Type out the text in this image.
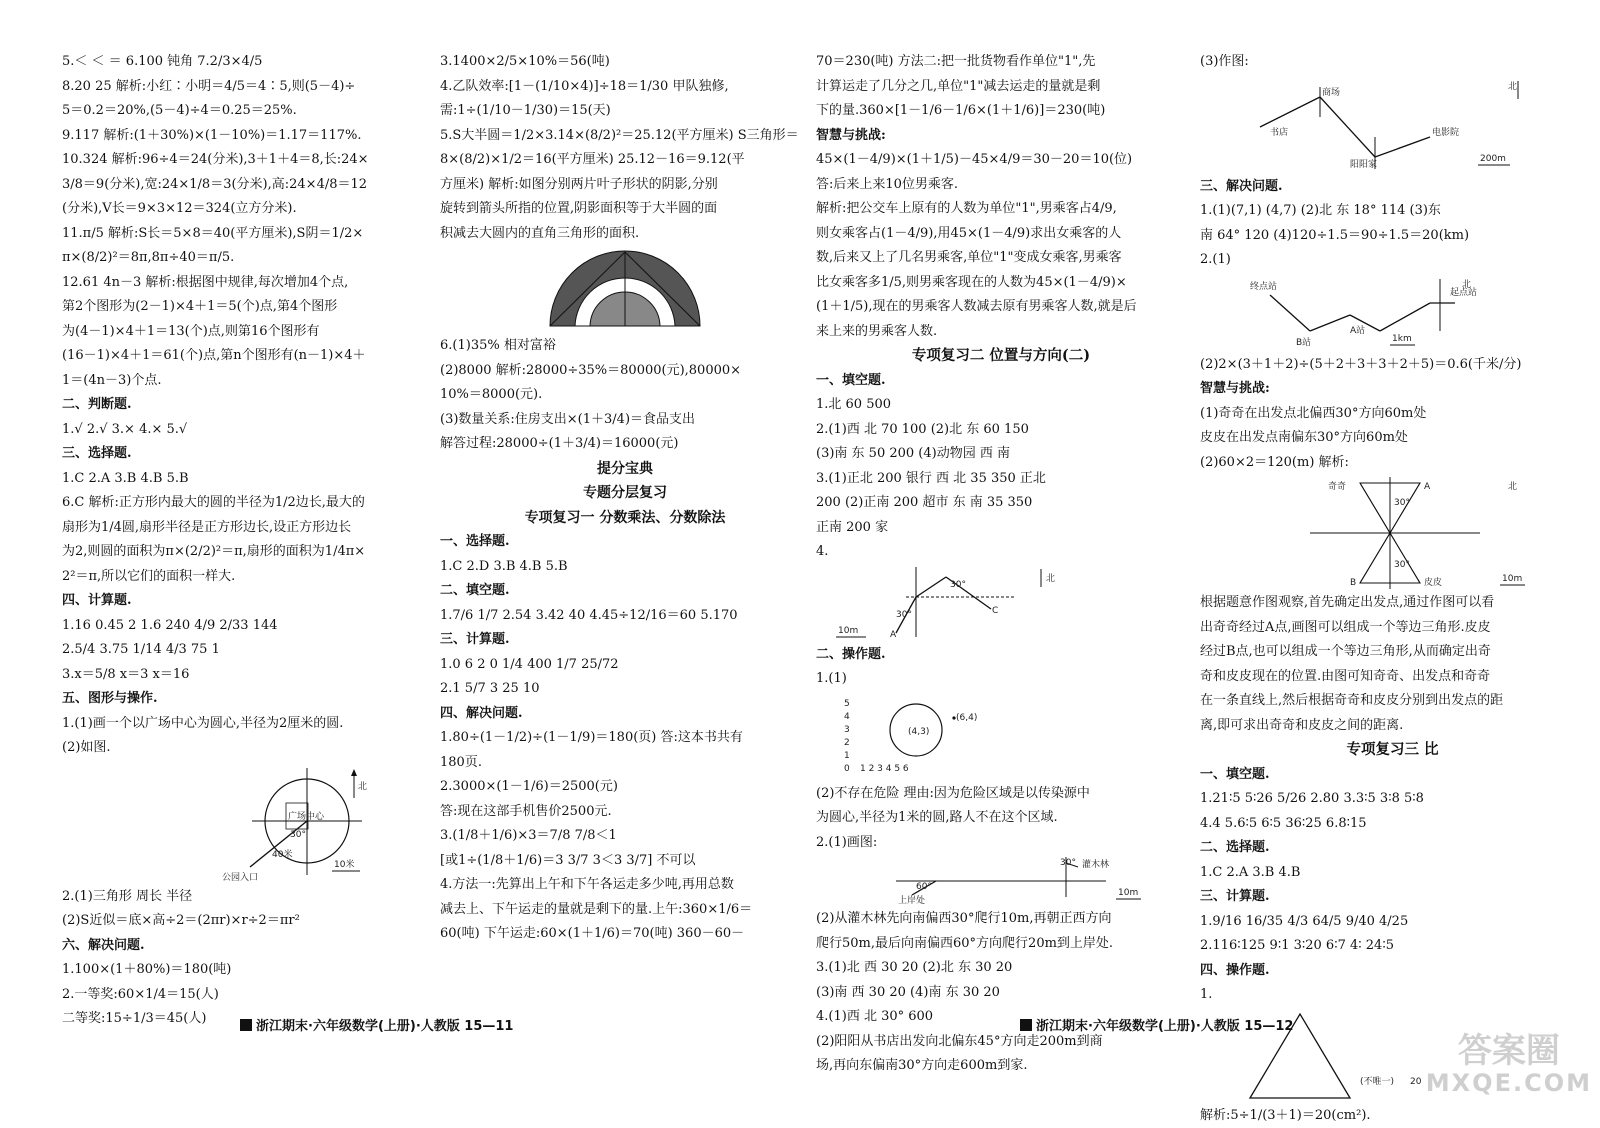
5.＜ ＜ ＝ 6.100 钝角 7.2/3×4/5
8.20 25 解析:小红∶小明＝4/5＝4∶5,则(5－4)÷
5＝0.2＝20%,(5－4)÷4＝0.25＝25%.
9.117 解析:(1＋30%)×(1－10%)＝1.17＝117%.
10.324 解析:96÷4＝24(分米),3＋1＋4＝8,长:24×
3/8＝9(分米),宽:24×1/8＝3(分米),高:24×4/8＝12
(分米),V长＝9×3×12＝324(立方分米).
11.π/5 解析:S长＝5×8＝40(平方厘米),S阴＝1/2×
π×(8/2)²＝8π,8π÷40＝π/5.
12.61 4n－3 解析:根据图中规律,每次增加4个点,
第2个图形为(2－1)×4＋1＝5(个)点,第4个图形
为(4－1)×4＋1＝13(个)点,则第16个图形有
(16－1)×4＋1＝61(个)点,第n个图形有(n－1)×4＋
1＝(4n－3)个点.
二、判断题.
1.√ 2.√ 3.× 4.× 5.√
三、选择题.
1.C 2.A 3.B 4.B 5.B
6.C 解析:正方形内最大的圆的半径为1/2边长,最大的
扇形为1/4圆,扇形半径是正方形边长,设正方形边长
为2,则圆的面积为π×(2/2)²＝π,扇形的面积为1/4π×
2²＝π,所以它们的面积一样大.
四、计算题.
1.16 0.45 2 1.6 240 4/9 2/33 144
2.5/4 3.75 1/14 4/3 75 1
3.x＝5/8 x＝3 x＝16
五、图形与操作.
1.(1)画一个以广场中心为圆心,半径为2厘米的圆.
(2)如图.
北
广场中心
公园入口
40米
30°
10米
2.(1)三角形 周长 半径
(2)S近似＝底×高÷2＝(2πr)×r÷2＝πr²
六、解决问题.
1.100×(1＋80%)＝180(吨)
2.一等奖:60×1/4＝15(人)
二等奖:15÷1/3＝45(人)
3.1400×2/5×10%＝56(吨)
4.乙队效率:[1－(1/10×4)]÷18＝1/30 甲队独修,
需:1÷(1/10－1/30)＝15(天)
5.S大半圆＝1/2×3.14×(8/2)²＝25.12(平方厘米) S三角形＝
8×(8/2)×1/2＝16(平方厘米) 25.12－16＝9.12(平
方厘米) 解析:如图分别两片叶子形状的阴影,分别
旋转到箭头所指的位置,阴影面积等于大半圆的面
积减去大圆内的直角三角形的面积.
6.(1)35% 相对富裕
(2)8000 解析:28000÷35%＝80000(元),80000×
10%＝8000(元).
(3)数量关系:住房支出×(1＋3/4)＝食品支出
解答过程:28000÷(1＋3/4)＝16000(元)
提分宝典
专题分层复习
专项复习一 分数乘法、分数除法
一、选择题.
1.C 2.D 3.B 4.B 5.B
二、填空题.
1.7/6 1/7 2.54 3.42 40 4.45÷12/16＝60 5.170
三、计算题.
1.0 6 2 0 1/4 400 1/7 25/72
2.1 5/7 3 25 10
四、解决问题.
1.80÷(1－1/2)÷(1－1/9)＝180(页) 答:这本书共有
180页.
2.3000×(1－1/6)＝2500(元)
答:现在这部手机售价2500元.
3.(1/8＋1/6)×3＝7/8 7/8＜1
[或1÷(1/8＋1/6)＝3 3/7 3＜3 3/7] 不可以
4.方法一:先算出上午和下午各运走多少吨,再用总数
减去上、下午运走的量就是剩下的量.上午:360×1/6＝
60(吨) 下午运走:60×(1＋1/6)＝70(吨) 360－60－
浙江期末·六年级数学(上册)·人教版 15—11
70＝230(吨) 方法二:把一批货物看作单位"1",先
计算运走了几分之几,单位"1"减去运走的量就是剩
下的量.360×[1－1/6－1/6×(1＋1/6)]＝230(吨)
智慧与挑战:
45×(1－4/9)×(1＋1/5)－45×4/9＝30－20＝10(位)
答:后来上来10位男乘客.
解析:把公交车上原有的人数为单位"1",男乘客占4/9,
则女乘客占(1－4/9),用45×(1－4/9)求出女乘客的人
数,后来又上了几名男乘客,单位"1"变成女乘客,男乘客
比女乘客多1/5,则男乘客现在的人数为45×(1－4/9)×
(1＋1/5),现在的男乘客人数减去原有男乘客人数,就是后
来上来的男乘客人数.
专项复习二 位置与方向(二)
一、填空题.
1.北 60 500
2.(1)西 北 70 100 (2)北 东 60 150
(3)南 东 50 200 (4)动物园 西 南
3.(1)正北 200 银行 西 北 35 350 正北
200 (2)正南 200 超市 东 南 35 350
正南 200 家
4.
A
C
30°
30°
北
10m
二、操作题.
1.(1)
5
4
3
2
1
0 1 2 3 4 5 6
(4,3)
(6,4)
(2)不存在危险 理由:因为危险区域是以传染源中
为圆心,半径为1米的圆,路人不在这个区域.
2.(1)画图:
灌木林
上岸处
60°
30°
10m
(2)从灌木林先向南偏西30°爬行10m,再朝正西方向
爬行50m,最后向南偏西60°方向爬行20m到上岸处.
3.(1)北 西 30 20 (2)北 东 30 20
(3)南 西 30 20 (4)南 东 30 20
4.(1)西 北 30° 600
(2)阳阳从书店出发向北偏东45°方向走200m到商
场,再向东偏南30°方向走600m到家.
(3)作图:
商场
书店	电影院
阳阳家
北
200m
三、解决问题.
1.(1)(7,1) (4,7) (2)北 东 18° 114 (3)东
南 64° 120 (4)120÷1.5＝90÷1.5＝20(km)
2.(1)
终点站
起点站
B站
A站
北
1km
(2)2×(3＋1＋2)÷(5＋2＋3＋3＋2＋5)＝0.6(千米/分)
智慧与挑战:
(1)奇奇在出发点北偏西30°方向60m处
皮皮在出发点南偏东30°方向60m处
(2)60×2＝120(m) 解析:
奇奇	A
B	皮皮
30°
30°
北
10m
根据题意作图观察,首先确定出发点,通过作图可以看
出奇奇经过A点,画图可以组成一个等边三角形.皮皮
经过B点,也可以组成一个等边三角形,从而确定出奇
奇和皮皮现在的位置.由图可知奇奇、出发点和奇奇
在一条直线上,然后根据奇奇和皮皮分别到出发点的距
离,即可求出奇奇和皮皮之间的距离.
专项复习三 比
一、填空题.
1.21∶5 5∶26 5/26 2.80 3.3∶5 3∶8 5∶8
4.4 5.6∶5 6∶5 36∶25 6.8∶15
二、选择题.
1.C 2.A 3.B 4.B
三、计算题.
1.9/16 16/35 4/3 64/5 9/40 4/25
2.116∶125 9∶1 3∶20 6∶7 4∶ 24∶5
四、操作题.
1.
(不唯一) 20
解析:5÷1/(3＋1)＝20(cm²).
浙江期末·六年级数学(上册)·人教版 15—12
答案圈
MXQE.COM
